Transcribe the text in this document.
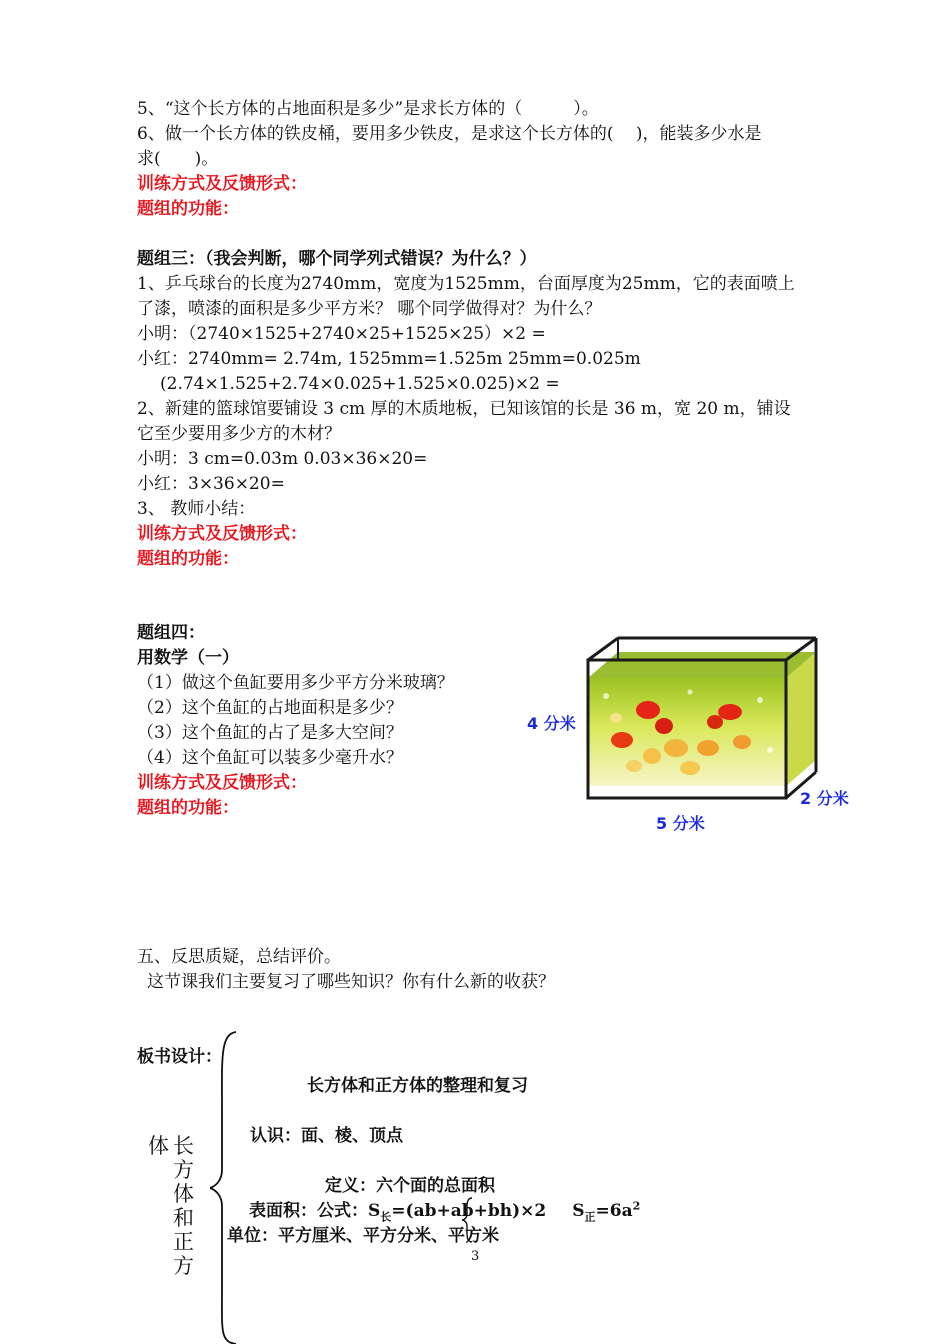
5、“这个长方体的占地面积是多少”是求长方体的（　　　）。
6、做一个长方体的铁皮桶，要用多少铁皮，是求这个长方体的(　 )，能装多少水是
求(　　)。
训练方式及反馈形式：
题组的功能：
题组三：（我会判断，哪个同学列式错误？为什么？）
1、乒乓球台的长度为2740mm，宽度为1525mm，台面厚度为25mm，它的表面喷上
了漆，喷漆的面积是多少平方米？ 哪个同学做得对？为什么？
小明：（2740×1525+2740×25+1525×25）×2 =
小红：2740mm= 2.74m, 1525mm=1.525m 25mm=0.025m
(2.74×1.525+2.74×0.025+1.525×0.025)×2 =
2、新建的篮球馆要铺设 3 cm 厚的木质地板，已知该馆的长是 36 m，宽 20 m，铺设
它至少要用多少方的木材？
小明：3 cm=0.03m 0.03×36×20=
小红：3×36×20=
3、 教师小结：
训练方式及反馈形式：
题组的功能：
题组四：
用数学（一）
（1）做这个鱼缸要用多少平方分米玻璃？
（2）这个鱼缸的占地面积是多少？
（3）这个鱼缸的占了是多大空间？
（4）这个鱼缸可以装多少毫升水？
训练方式及反馈形式：
题组的功能：
4 分米
5 分米
2 分米
五、反思质疑，总结评价。
这节课我们主要复习了哪些知识？你有什么新的收获？
板书设计：
长方体和正方体的整理和复习
体 长
方
体
和
正
方
认识：面、棱、顶点
定义：六个面的总面积
表面积：公式：$S_长=(ab+ab+bh)\times 2$ $S_正=6a^2$
单位：平方厘米、平方分米、平方米
3
